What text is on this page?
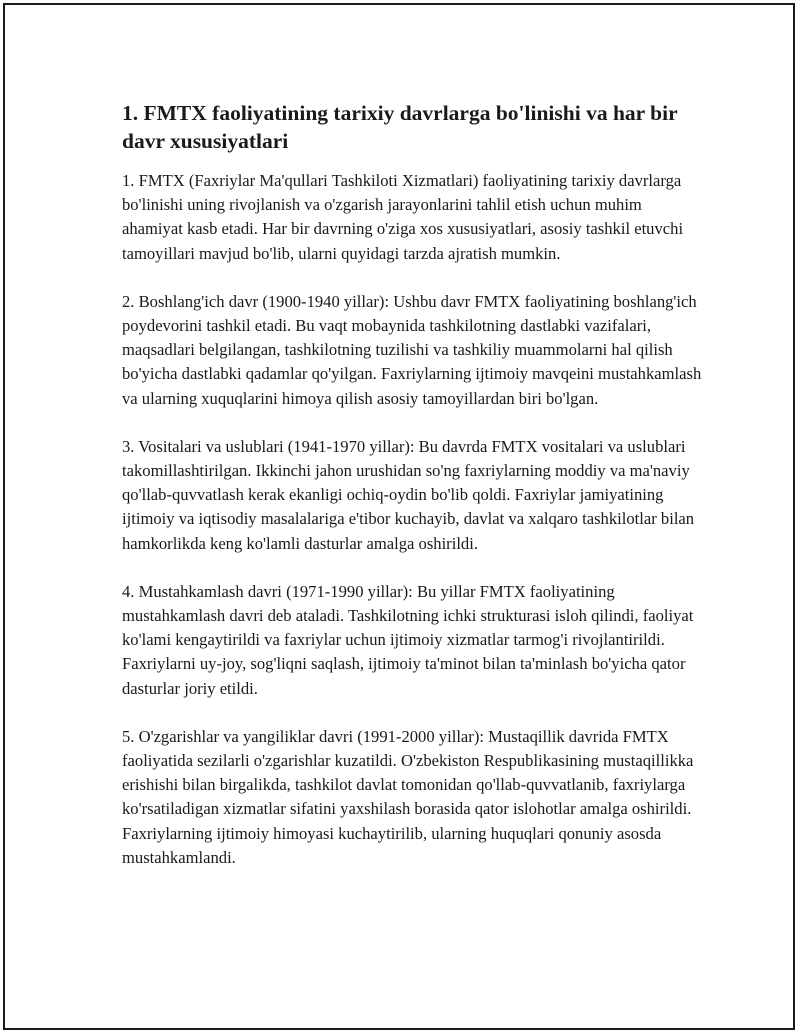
1. FMTX faoliyatining tarixiy davrlarga bo'linishi va har bir davr xususiyatlari

1. FMTX (Faxriylar Ma'qullari Tashkiloti Xizmatlari) faoliyatining tarixiy davrlarga bo'linishi uning rivojlanish va o'zgarish jarayonlarini tahlil etish uchun muhim ahamiyat kasb etadi. Har bir davrning o'ziga xos xususiyatlari, asosiy tashkil etuvchi tamoyillari mavjud bo'lib, ularni quyidagi tarzda ajratish mumkin.

2. Boshlang'ich davr (1900-1940 yillar): Ushbu davr FMTX faoliyatining boshlang'ich poydevorini tashkil etadi. Bu vaqt mobaynida tashkilotning dastlabki vazifalari, maqsadlari belgilangan, tashkilotning tuzilishi va tashkiliy muammolarni hal qilish bo'yicha dastlabki qadamlar qo'yilgan. Faxriylarning ijtimoiy mavqeini mustahkamlash va ularning xuquqlarini himoya qilish asosiy tamoyillardan biri bo'lgan.

3. Vositalari va uslublari (1941-1970 yillar): Bu davrda FMTX vositalari va uslublari takomillashtirilgan. Ikkinchi jahon urushidan so'ng faxriylarning moddiy va ma'naviy qo'llab-quvvatlash kerak ekanligi ochiq-oydin bo'lib qoldi. Faxriylar jamiyatining ijtimoiy va iqtisodiy masalalariga e'tibor kuchayib, davlat va xalqaro tashkilotlar bilan hamkorlikda keng ko'lamli dasturlar amalga oshirildi.

4. Mustahkamlash davri (1971-1990 yillar): Bu yillar FMTX faoliyatining mustahkamlash davri deb ataladi. Tashkilotning ichki strukturasi isloh qilindi, faoliyat ko'lami kengaytirildi va faxriylar uchun ijtimoiy xizmatlar tarmog'i rivojlantirildi. Faxriylarni uy-joy, sog'liqni saqlash, ijtimoiy ta'minot bilan ta'minlash bo'yicha qator dasturlar joriy etildi.

5. O'zgarishlar va yangiliklar davri (1991-2000 yillar): Mustaqillik davrida FMTX faoliyatida sezilarli o'zgarishlar kuzatildi. O'zbekiston Respublikasining mustaqillikka erishishi bilan birgalikda, tashkilot davlat tomonidan qo'llab-quvvatlanib, faxriylarga ko'rsatiladigan xizmatlar sifatini yaxshilash borasida qator islohotlar amalga oshirildi. Faxriylarning ijtimoiy himoyasi kuchaytirilib, ularning huquqlari qonuniy asosda mustahkamlandi.
